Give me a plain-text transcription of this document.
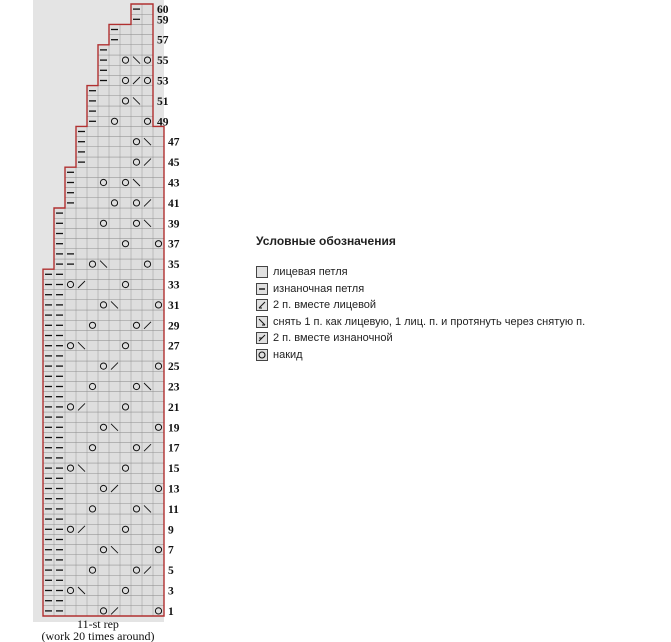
1
3
5
7
9
11
13
15
17
19
21
23
25
27
29
31
33
35
37
39
41
43
45
47
49
51
53
55
57
59
60
11-st rep
(work 20 times around)
Условные обозначения
лицевая петля
изнаночная петля
2 п. вместе лицевой
снять 1 п. как лицевую, 1 лиц. п. и протянуть через снятую п.
2 п. вместе изнаночной
накид
